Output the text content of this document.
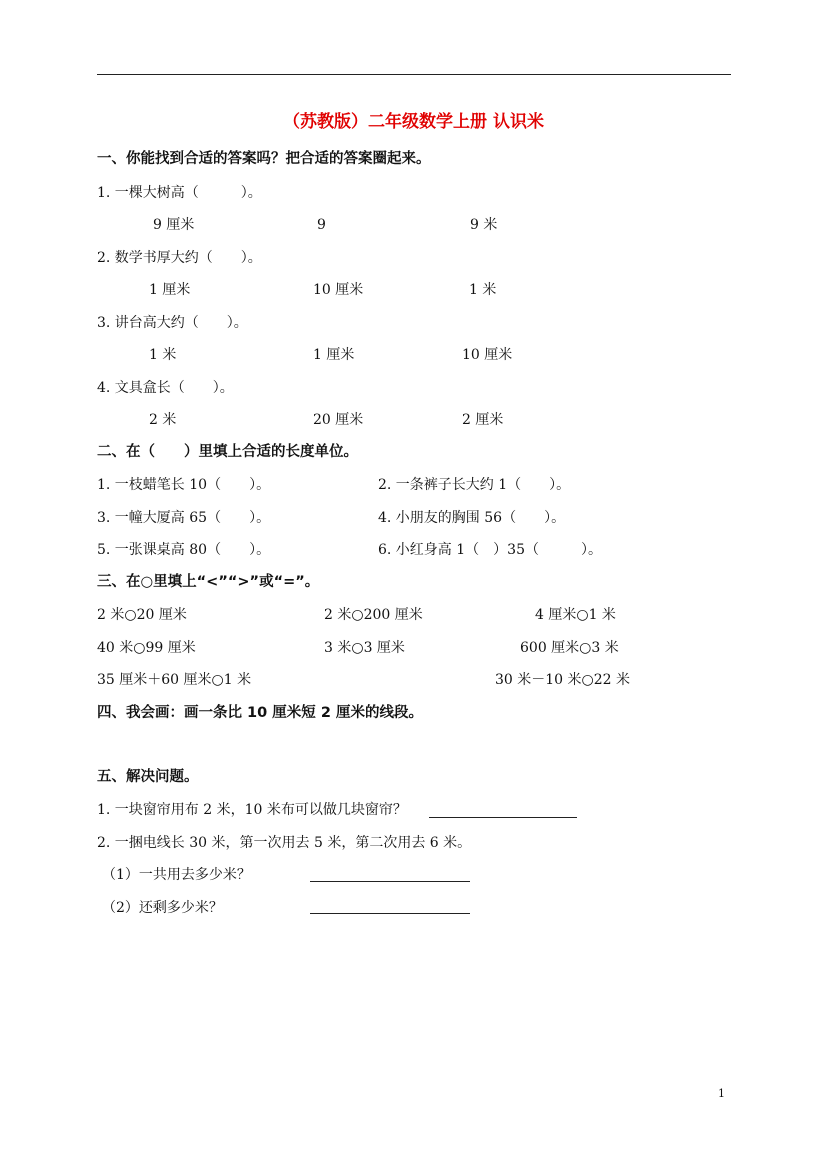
（苏教版）二年级数学上册 认识米
一、你能找到合适的答案吗？把合适的答案圈起来。
1. 一棵大树高（　　　）。
9 厘米	9	9 米
2. 数学书厚大约（　　）。
1 厘米	10 厘米	1 米
3. 讲台高大约（　　）。
1 米	1 厘米	10 厘米
4. 文具盒长（　　）。
2 米	20 厘米	2 厘米
二、在（　　）里填上合适的长度单位。
1. 一枝蜡笔长 10（　　）。	2. 一条裤子长大约 1（　　）。
3. 一幢大厦高 65（　　）。	4. 小朋友的胸围 56（　　）。
5. 一张课桌高 80（　　）。	6. 小红身高 1（　）35（　　　）。
三、在○里填上“<”“>”或“=”。
2 米○20 厘米	2 米○200 厘米	4 厘米○1 米
40 米○99 厘米	3 米○3 厘米	600 厘米○3 米
35 厘米＋60 厘米○1 米	30 米－10 米○22 米
四、我会画：画一条比 10 厘米短 2 厘米的线段。
五、解决问题。
1. 一块窗帘用布 2 米，10 米布可以做几块窗帘？
2. 一捆电线长 30 米，第一次用去 5 米，第二次用去 6 米。
（1）一共用去多少米？
（2）还剩多少米？
1
